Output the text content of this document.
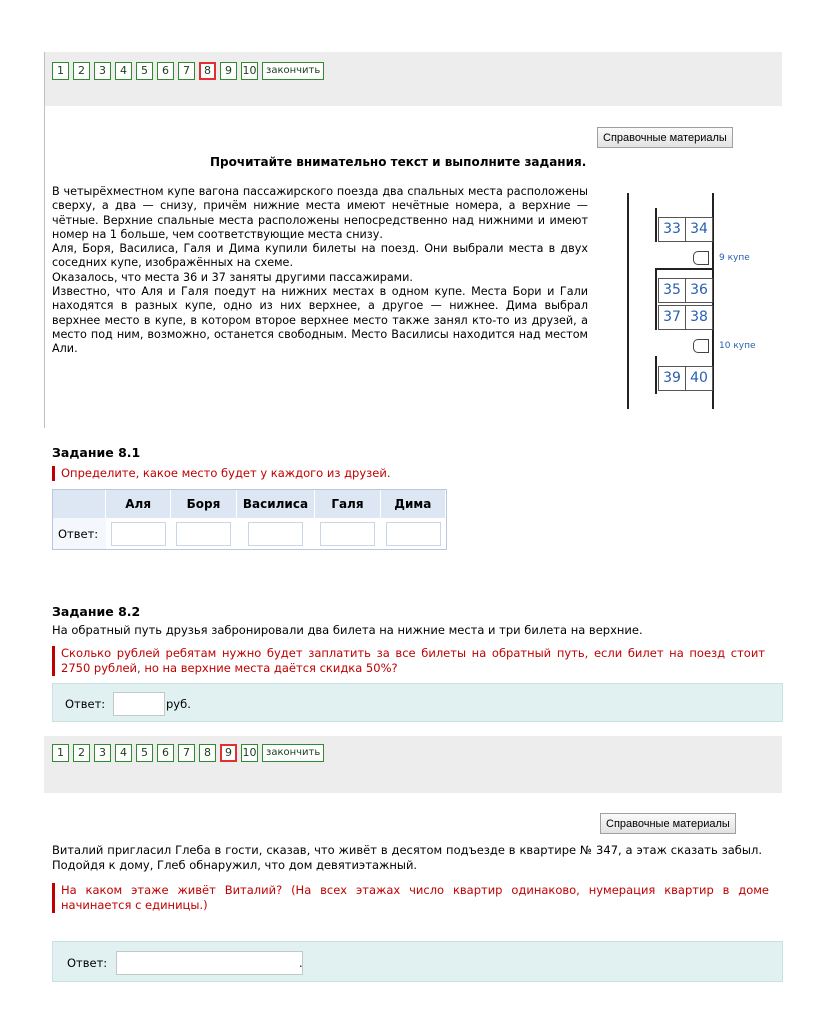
1	2	3	4	5	6	7	8	9 10 закончить
Справочные материалы
Прочитайте внимательно текст и выполните задания.
В четырёхместном купе вагона пассажирского поезда два спальных места расположены сверху, а два — снизу, причём нижние места имеют нечётные номера, а верхние — чётные. Верхние спальные места расположены непосредственно над нижними и имеют номер на 1 больше, чем соответствующие места снизу.
Аля, Боря, Василиса, Галя и Дима купили билеты на поезд. Они выбрали места в двух соседних купе, изображённых на схеме.
Оказалось, что места 36 и 37 заняты другими пассажирами.
Известно, что Аля и Галя поедут на нижних местах в одном купе. Места Бори и Гали находятся в разных купе, одно из них верхнее, а другое — нижнее. Дима выбрал верхнее место в купе, в котором второе верхнее место также занял кто-то из друзей, а место под ним, возможно, останется свободным. Место Василисы находится над местом Али.
33 34
35 36
37 38
39 40
9 купе
10 купе
Задание 8.1
Определите, какое место будет у каждого из друзей.
	Аля	Боря	Василиса	Галя	Дима
Ответ:					
Задание 8.2
На обратный путь друзья забронировали два билета на нижние места и три билета на верхние.
Сколько рублей ребятам нужно будет заплатить за все билеты на обратный путь, если билет на поезд стоит 2750 рублей, но на верхние места даётся скидка 50%?
Ответ:	руб.
1	2	3	4	5	6	7	8	9 10 закончить
Справочные материалы
Виталий пригласил Глеба в гости, сказав, что живёт в десятом подъезде в квартире № 347, а этаж сказать забыл. Подойдя к дому, Глеб обнаружил, что дом девятиэтажный.
На каком этаже живёт Виталий? (На всех этажах число квартир одинаково, нумерация квартир в доме начинается с единицы.)
Ответ:	.
